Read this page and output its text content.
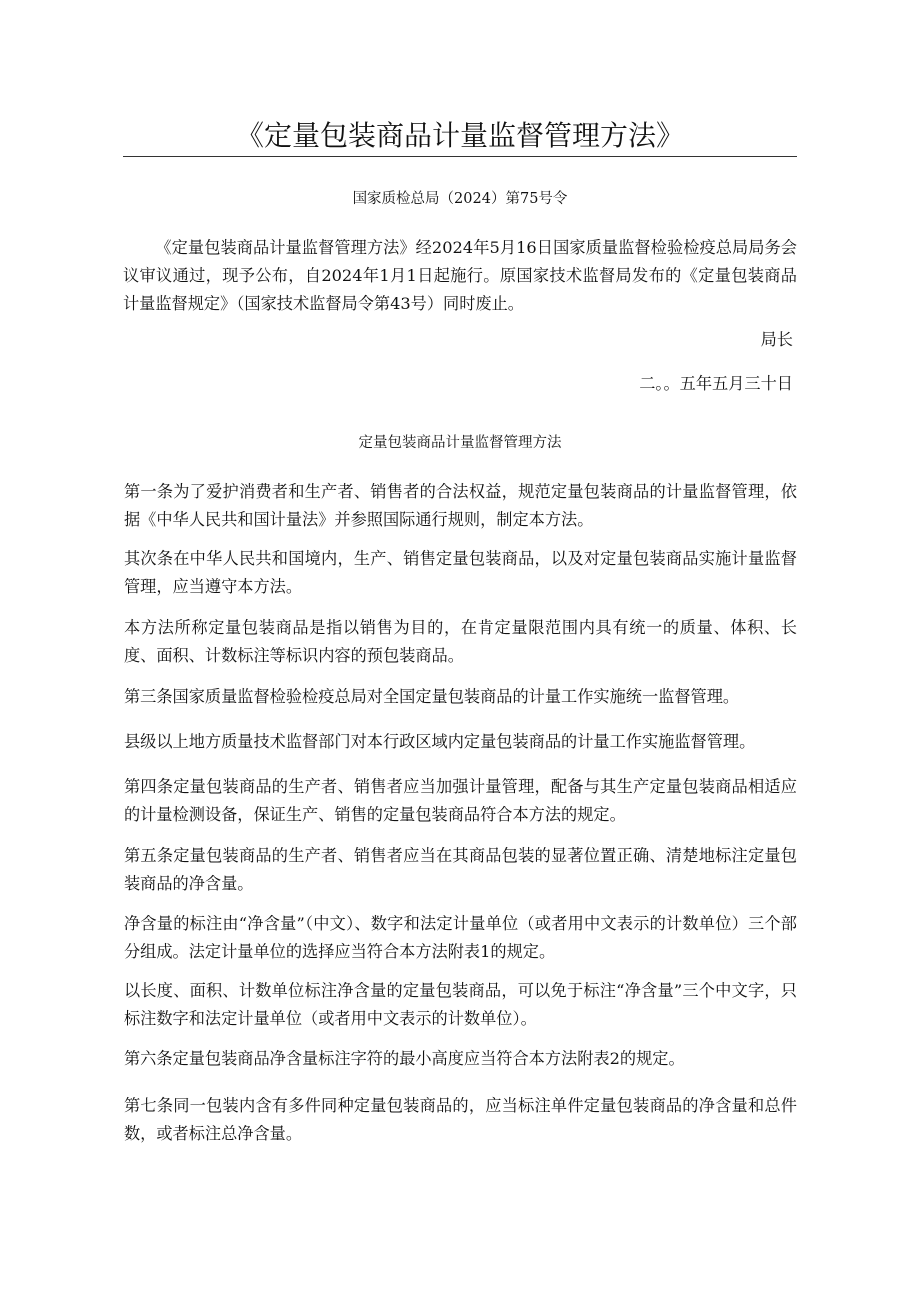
《定量包装商品计量监督管理方法》
国家质检总局（2024）第75号令
《定量包装商品计量监督管理方法》经2024年5月16日国家质量监督检验检疫总局局务会议审议通过，现予公布，自2024年1月1日起施行。原国家技术监督局发布的《定量包装商品计量监督规定》（国家技术监督局令第43号）同时废止。
局长
二。。五年五月三十日
定量包装商品计量监督管理方法

第一条为了爱护消费者和生产者、销售者的合法权益，规范定量包装商品的计量监督管理，依据《中华人民共和国计量法》并参照国际通行规则，制定本方法。

其次条在中华人民共和国境内，生产、销售定量包装商品，以及对定量包装商品实施计量监督管理，应当遵守本方法。

本方法所称定量包装商品是指以销售为目的，在肯定量限范围内具有统一的质量、体积、长度、面积、计数标注等标识内容的预包装商品。

第三条国家质量监督检验检疫总局对全国定量包装商品的计量工作实施统一监督管理。

县级以上地方质量技术监督部门对本行政区域内定量包装商品的计量工作实施监督管理。

第四条定量包装商品的生产者、销售者应当加强计量管理，配备与其生产定量包装商品相适应的计量检测设备，保证生产、销售的定量包装商品符合本方法的规定。

第五条定量包装商品的生产者、销售者应当在其商品包装的显著位置正确、清楚地标注定量包装商品的净含量。

净含量的标注由“净含量”（中文）、数字和法定计量单位（或者用中文表示的计数单位）三个部分组成。法定计量单位的选择应当符合本方法附表1的规定。

以长度、面积、计数单位标注净含量的定量包装商品，可以免于标注“净含量”三个中文字，只标注数字和法定计量单位（或者用中文表示的计数单位）。

第六条定量包装商品净含量标注字符的最小高度应当符合本方法附表2的规定。

第七条同一包装内含有多件同种定量包装商品的，应当标注单件定量包装商品的净含量和总件数，或者标注总净含量。
